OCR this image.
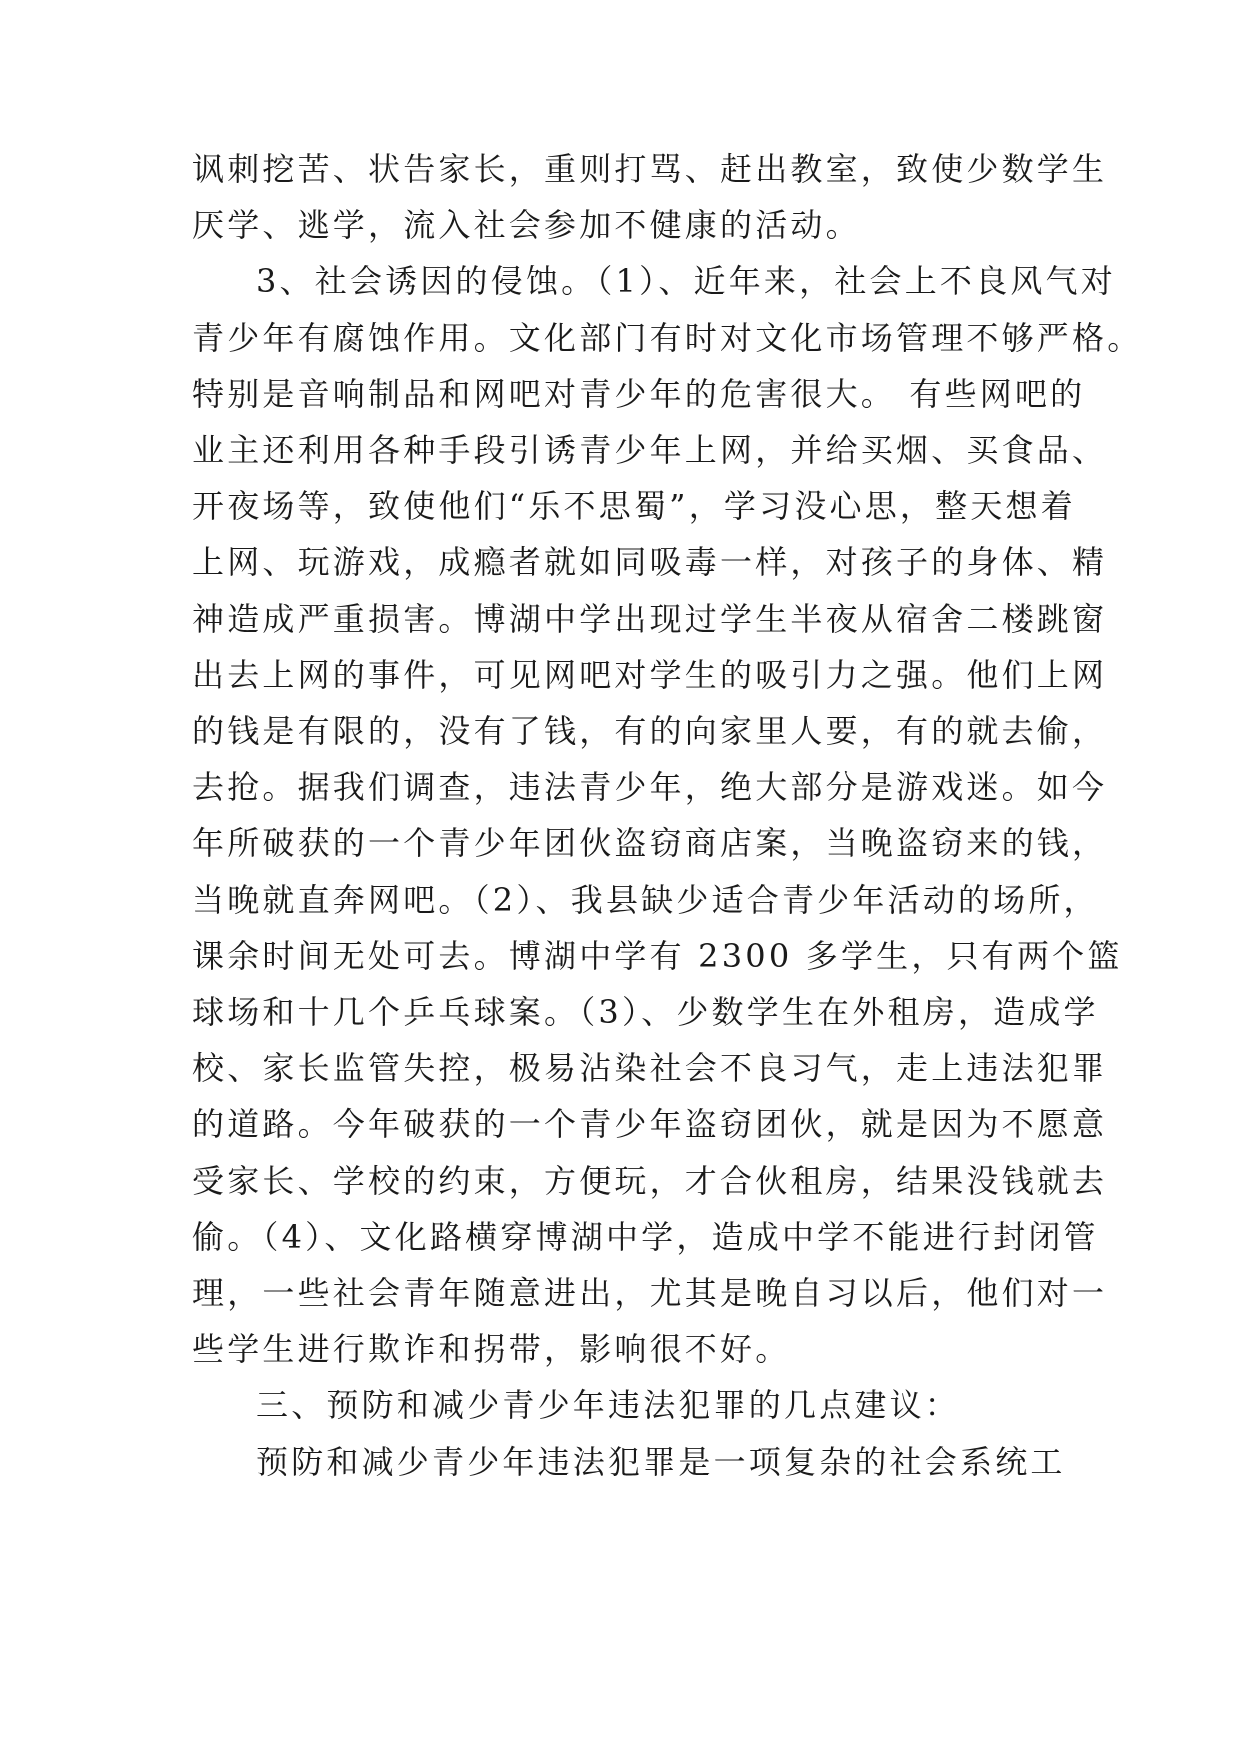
讽刺挖苦、状告家长，重则打骂、赶出教室，致使少数学生
厌学、逃学，流入社会参加不健康的活动。
3、社会诱因的侵蚀。（1）、近年来，社会上不良风气对
青少年有腐蚀作用。文化部门有时对文化市场管理不够严格。
特别是音响制品和网吧对青少年的危害很大。 有些网吧的
业主还利用各种手段引诱青少年上网，并给买烟、买食品、
开夜场等，致使他们“乐不思蜀”，学习没心思，整天想着
上网、玩游戏，成瘾者就如同吸毒一样，对孩子的身体、精
神造成严重损害。博湖中学出现过学生半夜从宿舍二楼跳窗
出去上网的事件，可见网吧对学生的吸引力之强。他们上网
的钱是有限的，没有了钱，有的向家里人要，有的就去偷，
去抢。据我们调查，违法青少年，绝大部分是游戏迷。如今
年所破获的一个青少年团伙盗窃商店案，当晚盗窃来的钱，
当晚就直奔网吧。（2）、我县缺少适合青少年活动的场所，
课余时间无处可去。博湖中学有 2300 多学生，只有两个篮
球场和十几个乒乓球案。（3）、少数学生在外租房，造成学
校、家长监管失控，极易沾染社会不良习气，走上违法犯罪
的道路。今年破获的一个青少年盗窃团伙，就是因为不愿意
受家长、学校的约束，方便玩，才合伙租房，结果没钱就去
偷。（4）、文化路横穿博湖中学，造成中学不能进行封闭管
理，一些社会青年随意进出，尤其是晚自习以后，他们对一
些学生进行欺诈和拐带，影响很不好。
三、预防和减少青少年违法犯罪的几点建议：
预防和减少青少年违法犯罪是一项复杂的社会系统工
